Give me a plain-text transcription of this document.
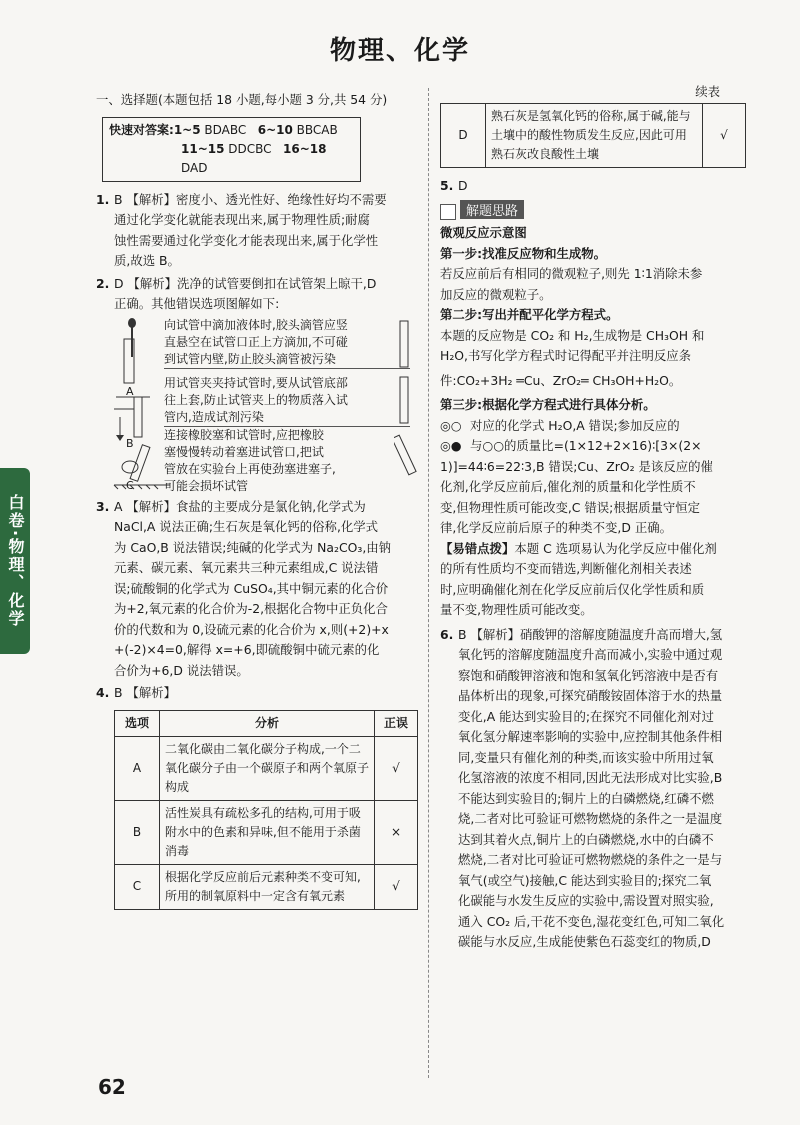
物理、化学
白卷·物理、化学

一、选择题(本题包括 18 小题,每小题 3 分,共 54 分)

快速对答案:1~5 BDABC 6~10 BBCAB
11~15 DDCBC 16~18 DAD

1. B 【解析】密度小、透光性好、绝缘性好均不需要

通过化学变化就能表现出来,属于物理性质;耐腐

蚀性需要通过化学变化才能表现出来,属于化学性

质,故选 B。

2. D 【解析】洗净的试管要倒扣在试管架上晾干,D

正确。其他错误选项图解如下:

A
B
C
向试管中滴加液体时,胶头滴管应竖
直悬空在试管口正上方滴加,不可碰
到试管内壁,防止胶头滴管被污染
用试管夹夹持试管时,要从试管底部
往上套,防止试管夹上的物质落入试
管内,造成试剂污染
连接橡胶塞和试管时,应把橡胶
塞慢慢转动着塞进试管口,把试
管放在实验台上再使劲塞进塞子,
可能会损坏试管

3. A 【解析】食盐的主要成分是氯化钠,化学式为

NaCl,A 说法正确;生石灰是氧化钙的俗称,化学式

为 CaO,B 说法错误;纯碱的化学式为 Na₂CO₃,由钠

元素、碳元素、氧元素共三种元素组成,C 说法错

误;硫酸铜的化学式为 CuSO₄,其中铜元素的化合价

为+2,氧元素的化合价为-2,根据化合物中正负化合

价的代数和为 0,设硫元素的化合价为 x,则(+2)+x

+(-2)×4=0,解得 x=+6,即硫酸铜中硫元素的化

合价为+6,D 说法错误。

4. B 【解析】

选项	分析	正误
A	二氧化碳由二氧化碳分子构成,一个二氧化碳分子由一个碳原子和两个氧原子构成	√
B	活性炭具有疏松多孔的结构,可用于吸附水中的色素和异味,但不能用于杀菌消毒	×
C	根据化学反应前后元素种类不变可知,所用的制氧原料中一定含有氧元素	√

续表

D	熟石灰是氢氧化钙的俗称,属于碱,能与土壤中的酸性物质发生反应,因此可用熟石灰改良酸性土壤	√

5. D

解题思路

微观反应示意图

第一步:找准反应物和生成物。

若反应前后有相同的微观粒子,则先 1∶1消除未参

加反应的微观粒子。

第二步:写出并配平化学方程式。

本题的反应物是 CO₂ 和 H₂,生成物是 CH₃OH 和

H₂O,书写化学方程式时记得配平并注明反应条

件:CO₂+3H₂ ═Cu、ZrO₂═ CH₃OH+H₂O。

第三步:根据化学方程式进行具体分析。

◎○ 对应的化学式 H₂O,A 错误;参加反应的

◎● 与○○的质量比=(1×12+2×16)∶[3×(2×

1)]=44∶6=22∶3,B 错误;Cu、ZrO₂ 是该反应的催

化剂,化学反应前后,催化剂的质量和化学性质不

变,但物理性质可能改变,C 错误;根据质量守恒定

律,化学反应前后原子的种类不变,D 正确。

【易错点拨】本题 C 选项易认为化学反应中催化剂

的所有性质均不变而错选,判断催化剂相关表述

时,应明确催化剂在化学反应前后仅化学性质和质

量不变,物理性质可能改变。

6. B 【解析】硝酸钾的溶解度随温度升高而增大,氢

氧化钙的溶解度随温度升高而减小,实验中通过观

察饱和硝酸钾溶液和饱和氢氧化钙溶液中是否有

晶体析出的现象,可探究硝酸铵固体溶于水的热量

变化,A 能达到实验目的;在探究不同催化剂对过

氧化氢分解速率影响的实验中,应控制其他条件相

同,变量只有催化剂的种类,而该实验中所用过氧

化氢溶液的浓度不相同,因此无法形成对比实验,B

不能达到实验目的;铜片上的白磷燃烧,红磷不燃

烧,二者对比可验证可燃物燃烧的条件之一是温度

达到其着火点,铜片上的白磷燃烧,水中的白磷不

燃烧,二者对比可验证可燃物燃烧的条件之一是与

氧气(或空气)接触,C 能达到实验目的;探究二氧

化碳能与水发生反应的实验中,需设置对照实验,

通入 CO₂ 后,干花不变色,湿花变红色,可知二氧化

碳能与水反应,生成能使紫色石蕊变红的物质,D

62
